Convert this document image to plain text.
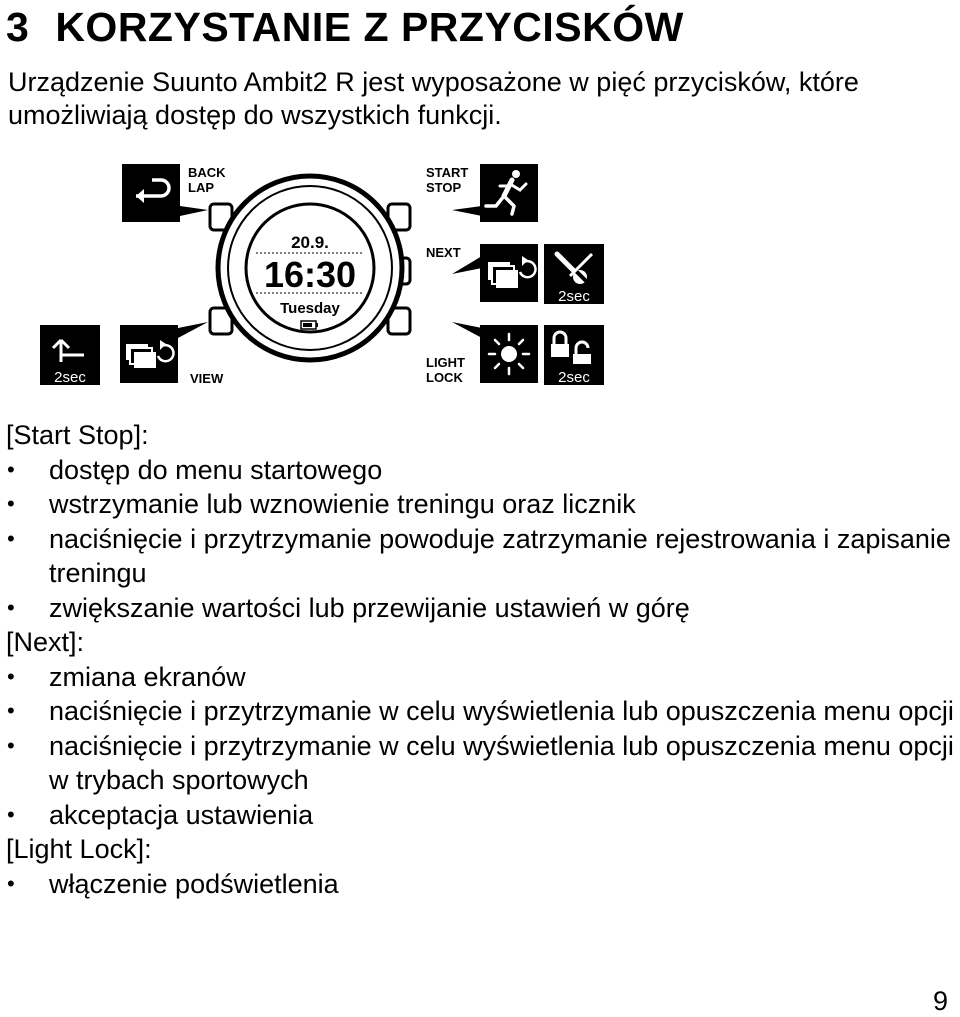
3 KORZYSTANIE Z PRZYCISKÓW

Urządzenie Suunto Ambit2 R jest wyposażone w pięć przycisków, które umożliwiają dostęp do wszystkich funkcji.

20.9.
16:30
Tuesday
BACK
LAP
START
STOP
NEXT
2sec
2sec	VIEW
LIGHT
LOCK	2sec

[Start Stop]:

• dostęp do menu startowego
• wstrzymanie lub wznowienie treningu oraz licznik
• naciśnięcie i przytrzymanie powoduje zatrzymanie rejestrowania i zapisanie treningu
• zwiększanie wartości lub przewijanie ustawień w górę

[Next]:

• zmiana ekranów
• naciśnięcie i przytrzymanie w celu wyświetlenia lub opuszczenia menu opcji
• naciśnięcie i przytrzymanie w celu wyświetlenia lub opuszczenia menu opcji w trybach sportowych
• akceptacja ustawienia

[Light Lock]:

• włączenie podświetlenia
9
